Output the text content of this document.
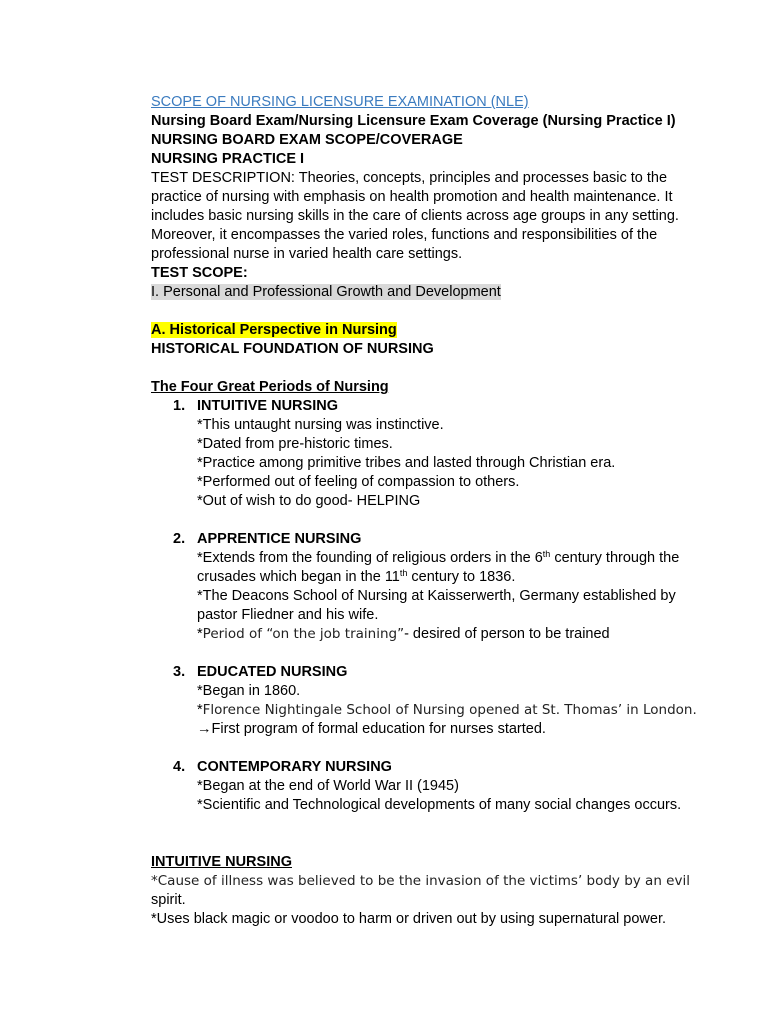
SCOPE OF NURSING LICENSURE EXAMINATION (NLE)
Nursing Board Exam/Nursing Licensure Exam Coverage (Nursing Practice I)
NURSING BOARD EXAM SCOPE/COVERAGE
NURSING PRACTICE I
TEST DESCRIPTION: Theories, concepts, principles and processes basic to the practice of nursing with emphasis on health promotion and health maintenance. It includes basic nursing skills in the care of clients across age groups in any setting. Moreover, it encompasses the varied roles, functions and responsibilities of the professional nurse in varied health care settings.
TEST SCOPE:
I. Personal and Professional Growth and Development
A. Historical Perspective in Nursing
HISTORICAL FOUNDATION OF NURSING
The Four Great Periods of Nursing
1. INTUITIVE NURSING
*This untaught nursing was instinctive.
*Dated from pre-historic times.
*Practice among primitive tribes and lasted through Christian era.
*Performed out of feeling of compassion to others.
*Out of wish to do good- HELPING
2. APPRENTICE NURSING
*Extends from the founding of religious orders in the 6th century through the
crusades which began in the 11th century to 1836.
*The Deacons School of Nursing at Kaisserwerth, Germany established by
pastor Fliedner and his wife.
*Period of “on the job training”- desired of person to be trained
3. EDUCATED NURSING
*Began in 1860.
*Florence Nightingale School of Nursing opened at St. Thomas’ in London.
→First program of formal education for nurses started.
4. CONTEMPORARY NURSING
*Began at the end of World War II (1945)
*Scientific and Technological developments of many social changes occurs.
INTUITIVE NURSING
*Cause of illness was believed to be the invasion of the victims’ body by an evil
spirit.
*Uses black magic or voodoo to harm or driven out by using supernatural power.
